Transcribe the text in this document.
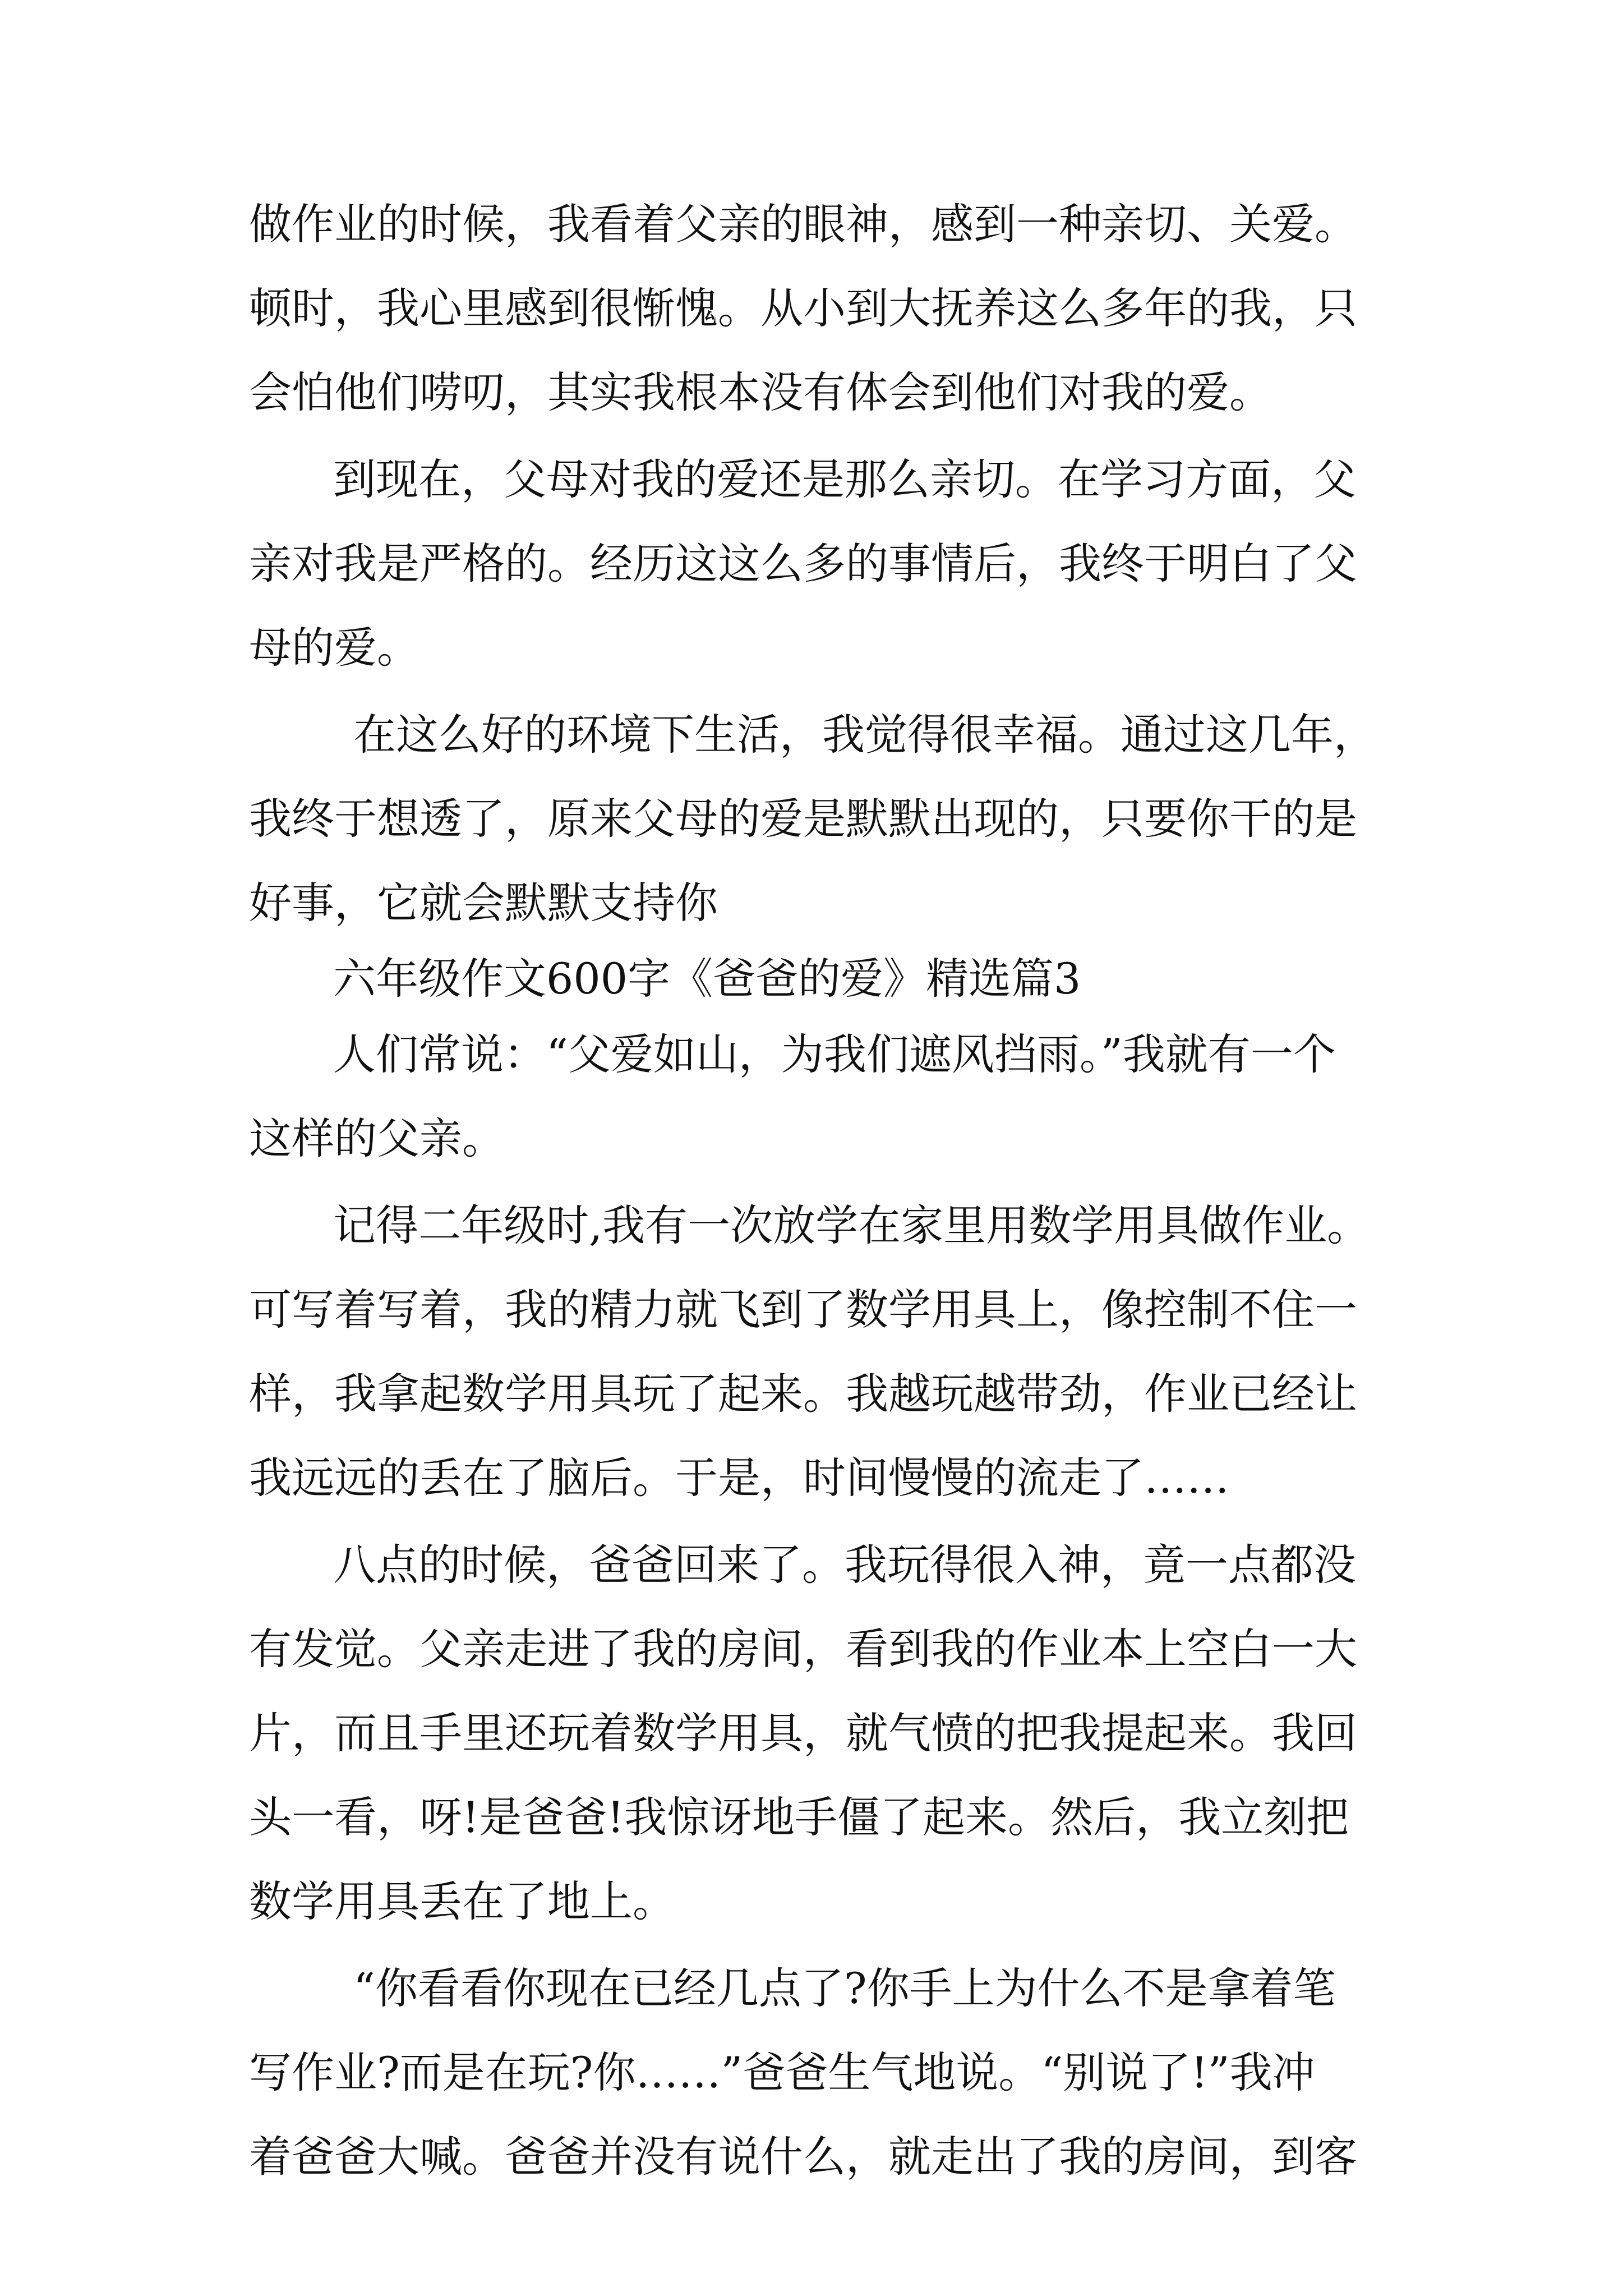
做作业的时候，我看着父亲的眼神，感到一种亲切、关爱。
顿时，我心里感到很惭愧。从小到大抚养这么多年的我，只
会怕他们唠叨，其实我根本没有体会到他们对我的爱。
到现在，父母对我的爱还是那么亲切。在学习方面，父
亲对我是严格的。经历这这么多的事情后，我终于明白了父
母的爱。
在这么好的环境下生活，我觉得很幸福。通过这几年，
我终于想透了，原来父母的爱是默默出现的，只要你干的是
好事，它就会默默支持你
六年级作文600字《爸爸的爱》精选篇3
人们常说：“父爱如山，为我们遮风挡雨。”我就有一个
这样的父亲。
记得二年级时,我有一次放学在家里用数学用具做作业。
可写着写着，我的精力就飞到了数学用具上，像控制不住一
样，我拿起数学用具玩了起来。我越玩越带劲，作业已经让
我远远的丢在了脑后。于是，时间慢慢的流走了……
八点的时候，爸爸回来了。我玩得很入神，竟一点都没
有发觉。父亲走进了我的房间，看到我的作业本上空白一大
片，而且手里还玩着数学用具，就气愤的把我提起来。我回
头一看，呀!是爸爸!我惊讶地手僵了起来。然后，我立刻把
数学用具丢在了地上。
“你看看你现在已经几点了?你手上为什么不是拿着笔
写作业?而是在玩?你……”爸爸生气地说。“别说了!”我冲
着爸爸大喊。爸爸并没有说什么，就走出了我的房间，到客
